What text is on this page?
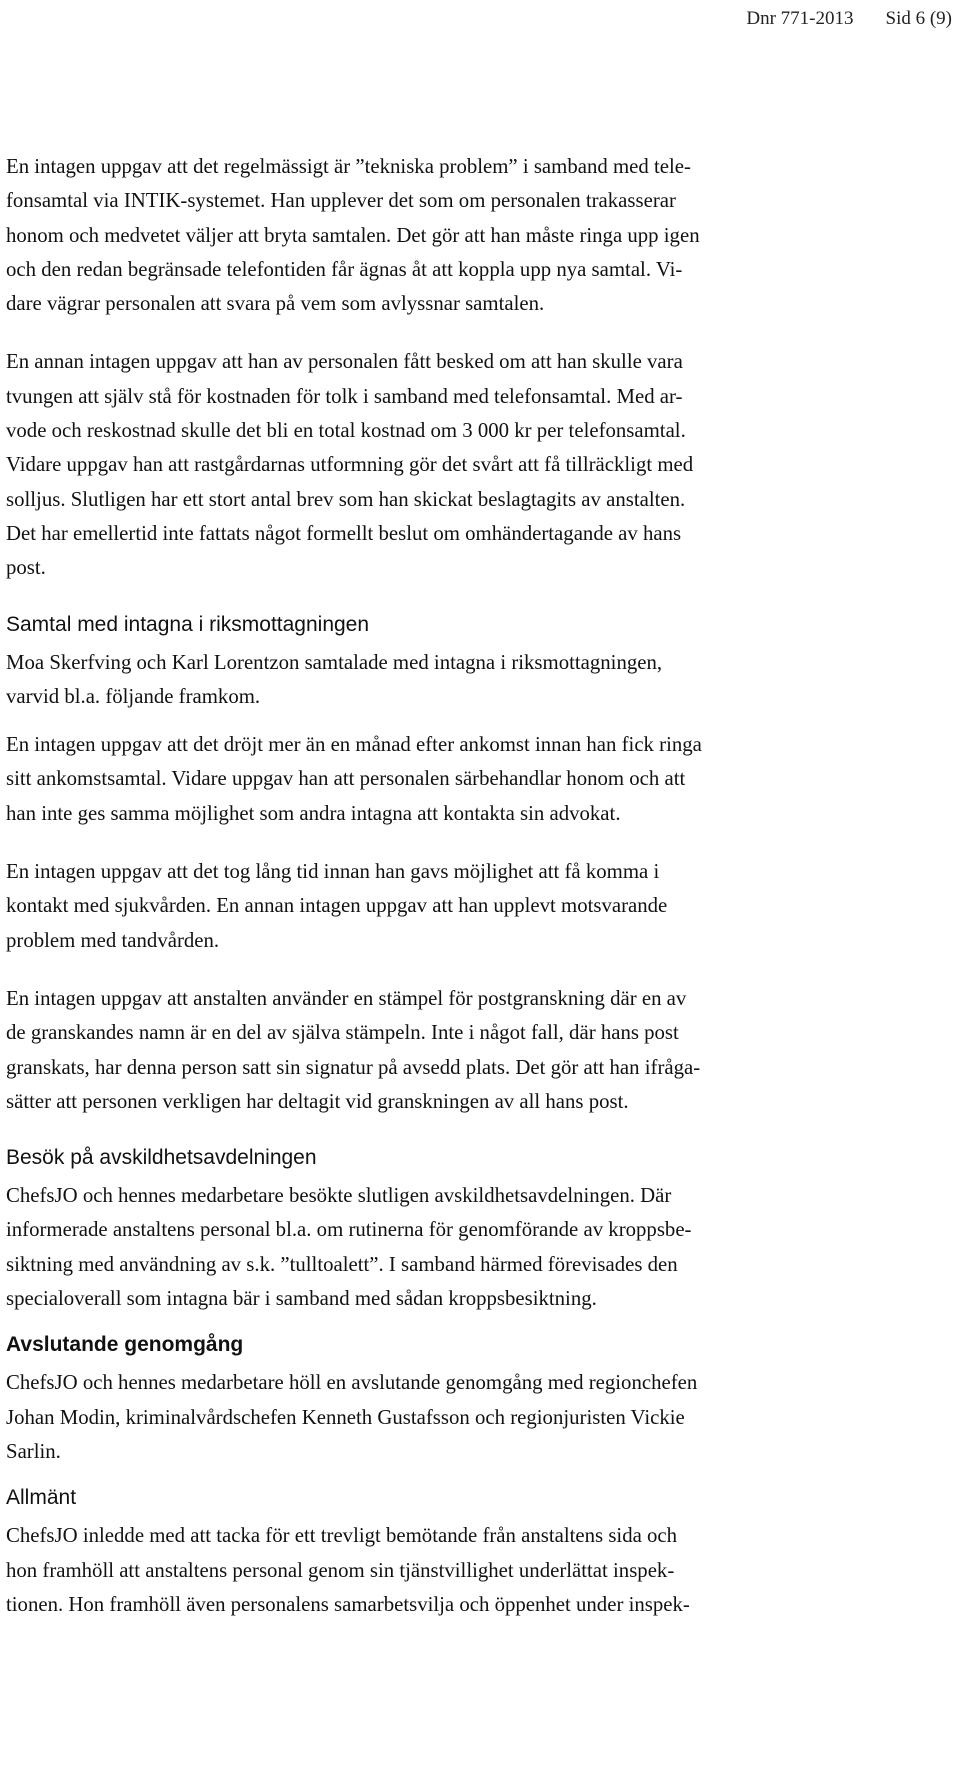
Dnr 771-2013 Sid 6 (9)

En intagen uppgav att det regelmässigt är ”tekniska problem” i samband med tele-
fonsamtal via INTIK-systemet. Han upplever det som om personalen trakasserar
honom och medvetet väljer att bryta samtalen. Det gör att han måste ringa upp igen
och den redan begränsade telefontiden får ägnas åt att koppla upp nya samtal. Vi-
dare vägrar personalen att svara på vem som avlyssnar samtalen.

En annan intagen uppgav att han av personalen fått besked om att han skulle vara
tvungen att själv stå för kostnaden för tolk i samband med telefonsamtal. Med ar-
vode och reskostnad skulle det bli en total kostnad om 3 000 kr per telefonsamtal.
Vidare uppgav han att rastgårdarnas utformning gör det svårt att få tillräckligt med
solljus. Slutligen har ett stort antal brev som han skickat beslagtagits av anstalten.
Det har emellertid inte fattats något formellt beslut om omhändertagande av hans
post.

Samtal med intagna i riksmottagningen

Moa Skerfving och Karl Lorentzon samtalade med intagna i riksmottagningen,
varvid bl.a. följande framkom.

En intagen uppgav att det dröjt mer än en månad efter ankomst innan han fick ringa
sitt ankomstsamtal. Vidare uppgav han att personalen särbehandlar honom och att
han inte ges samma möjlighet som andra intagna att kontakta sin advokat.

En intagen uppgav att det tog lång tid innan han gavs möjlighet att få komma i
kontakt med sjukvården. En annan intagen uppgav att han upplevt motsvarande
problem med tandvården.

En intagen uppgav att anstalten använder en stämpel för postgranskning där en av
de granskandes namn är en del av själva stämpeln. Inte i något fall, där hans post
granskats, har denna person satt sin signatur på avsedd plats. Det gör att han ifråga-
sätter att personen verkligen har deltagit vid granskningen av all hans post.

Besök på avskildhetsavdelningen

ChefsJO och hennes medarbetare besökte slutligen avskildhetsavdelningen. Där
informerade anstaltens personal bl.a. om rutinerna för genomförande av kroppsbe-
siktning med användning av s.k. ”tulltoalett”. I samband härmed förevisades den
specialoverall som intagna bär i samband med sådan kroppsbesiktning.

Avslutande genomgång

ChefsJO och hennes medarbetare höll en avslutande genomgång med regionchefen
Johan Modin, kriminalvårdschefen Kenneth Gustafsson och regionjuristen Vickie
Sarlin.

Allmänt

ChefsJO inledde med att tacka för ett trevligt bemötande från anstaltens sida och
hon framhöll att anstaltens personal genom sin tjänstvillighet underlättat inspek-
tionen. Hon framhöll även personalens samarbetsvilja och öppenhet under inspek-
